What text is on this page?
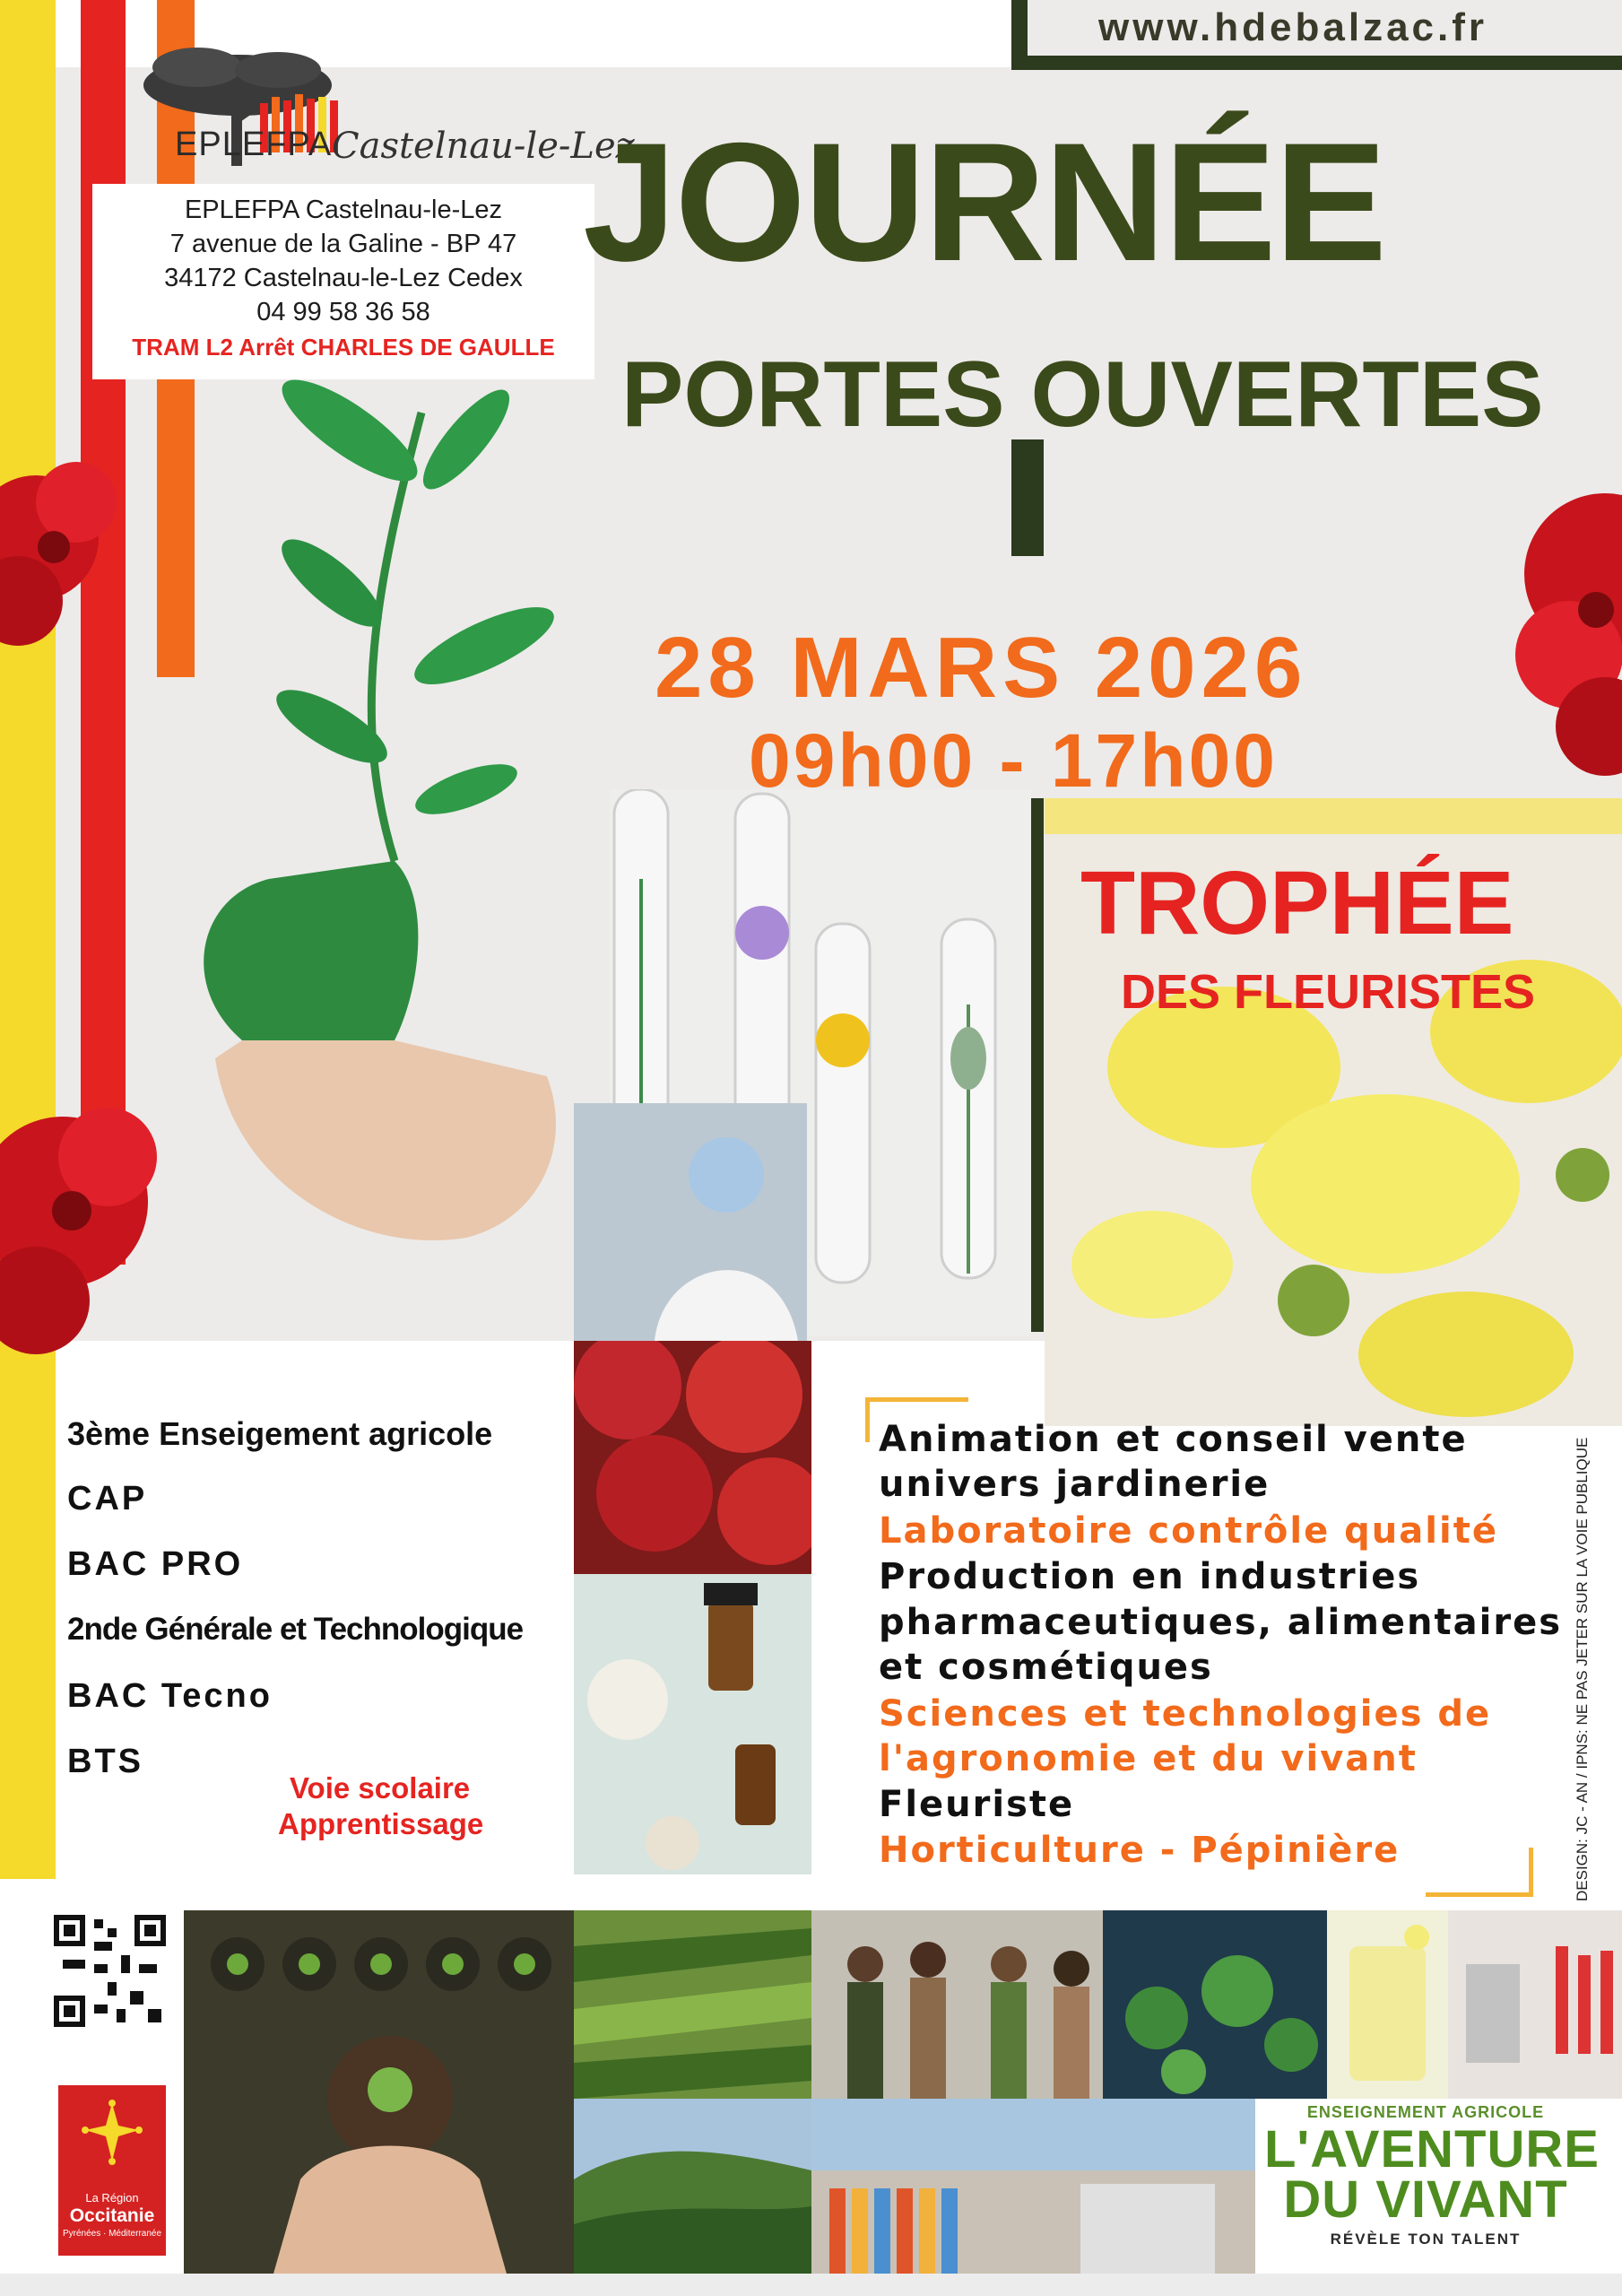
EPLEFPA Castelnau-le-Lez
www.hdebalzac.fr
EPLEFPA Castelnau-le-Lez
7 avenue de la Galine - BP 47
34172 Castelnau-le-Lez Cedex
04 99 58 36 58
TRAM L2 Arrêt CHARLES DE GAULLE
JOURNÉE
PORTES OUVERTES
28 MARS 2026
09h00 - 17h00
TROPHÉE
DES FLEURISTES
3ème Enseigement agricole
CAP
BAC PRO
2nde Générale et Technologique
BAC Tecno
BTS
Voie scolaire
Apprentissage
Animation et conseil vente
univers jardinerie
Laboratoire contrôle qualité
Production en industries
pharmaceutiques, alimentaires
et cosmétiques
Sciences et technologies de
l'agronomie et du vivant
Fleuriste
Horticulture - Pépinière	DESIGN: JC - AN / IPNS: NE PAS JETER SUR LA VOIE PUBLIQUE
La Région
Occitanie
Pyrénées · Méditerranée
ENSEIGNEMENT AGRICOLE
L'AVENTURE
DU VIVANT
RÉVÈLE TON TALENT
